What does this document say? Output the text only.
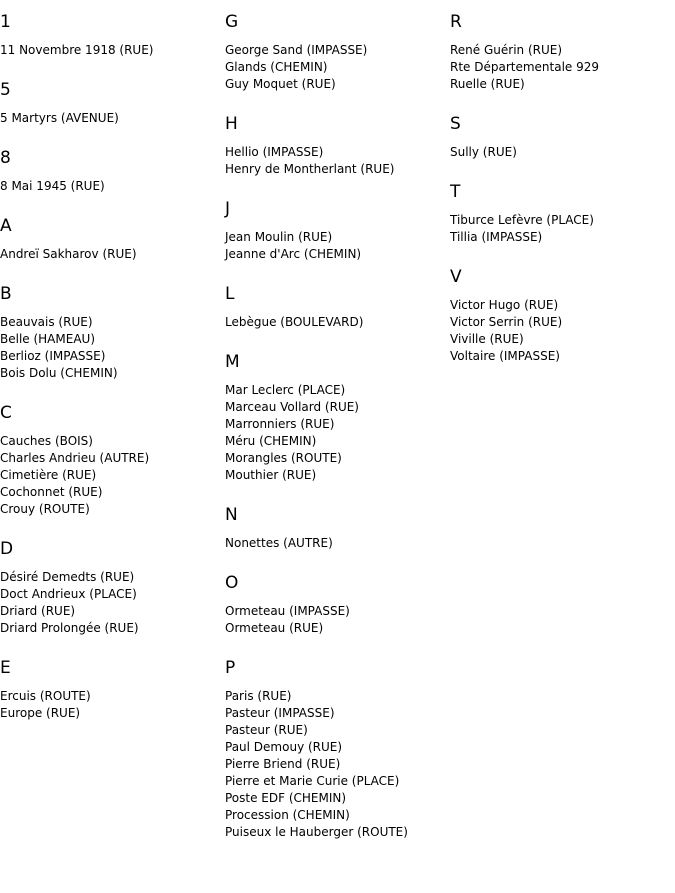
1
11 Novembre 1918 (RUE)
5
5 Martyrs (AVENUE)
8
8 Mai 1945 (RUE)
A
Andreï Sakharov (RUE)
B
Beauvais (RUE)
Belle (HAMEAU)
Berlioz (IMPASSE)
Bois Dolu (CHEMIN)
C
Cauches (BOIS)
Charles Andrieu (AUTRE)
Cimetière (RUE)
Cochonnet (RUE)
Crouy (ROUTE)
D
Désiré Demedts (RUE)
Doct Andrieux (PLACE)
Driard (RUE)
Driard Prolongée (RUE)
E
Ercuis (ROUTE)
Europe (RUE)
G
George Sand (IMPASSE)
Glands (CHEMIN)
Guy Moquet (RUE)
H
Hellio (IMPASSE)
Henry de Montherlant (RUE)
J
Jean Moulin (RUE)
Jeanne d'Arc (CHEMIN)
L
Lebègue (BOULEVARD)
M
Mar Leclerc (PLACE)
Marceau Vollard (RUE)
Marronniers (RUE)
Méru (CHEMIN)
Morangles (ROUTE)
Mouthier (RUE)
N
Nonettes (AUTRE)
O
Ormeteau (IMPASSE)
Ormeteau (RUE)
P
Paris (RUE)
Pasteur (IMPASSE)
Pasteur (RUE)
Paul Demouy (RUE)
Pierre Briend (RUE)
Pierre et Marie Curie (PLACE)
Poste EDF (CHEMIN)
Procession (CHEMIN)
Puiseux le Hauberger (ROUTE)
R
René Guérin (RUE)
Rte Départementale 929
Ruelle (RUE)
S
Sully (RUE)
T
Tiburce Lefèvre (PLACE)
Tillia (IMPASSE)
V
Victor Hugo (RUE)
Victor Serrin (RUE)
Viville (RUE)
Voltaire (IMPASSE)
